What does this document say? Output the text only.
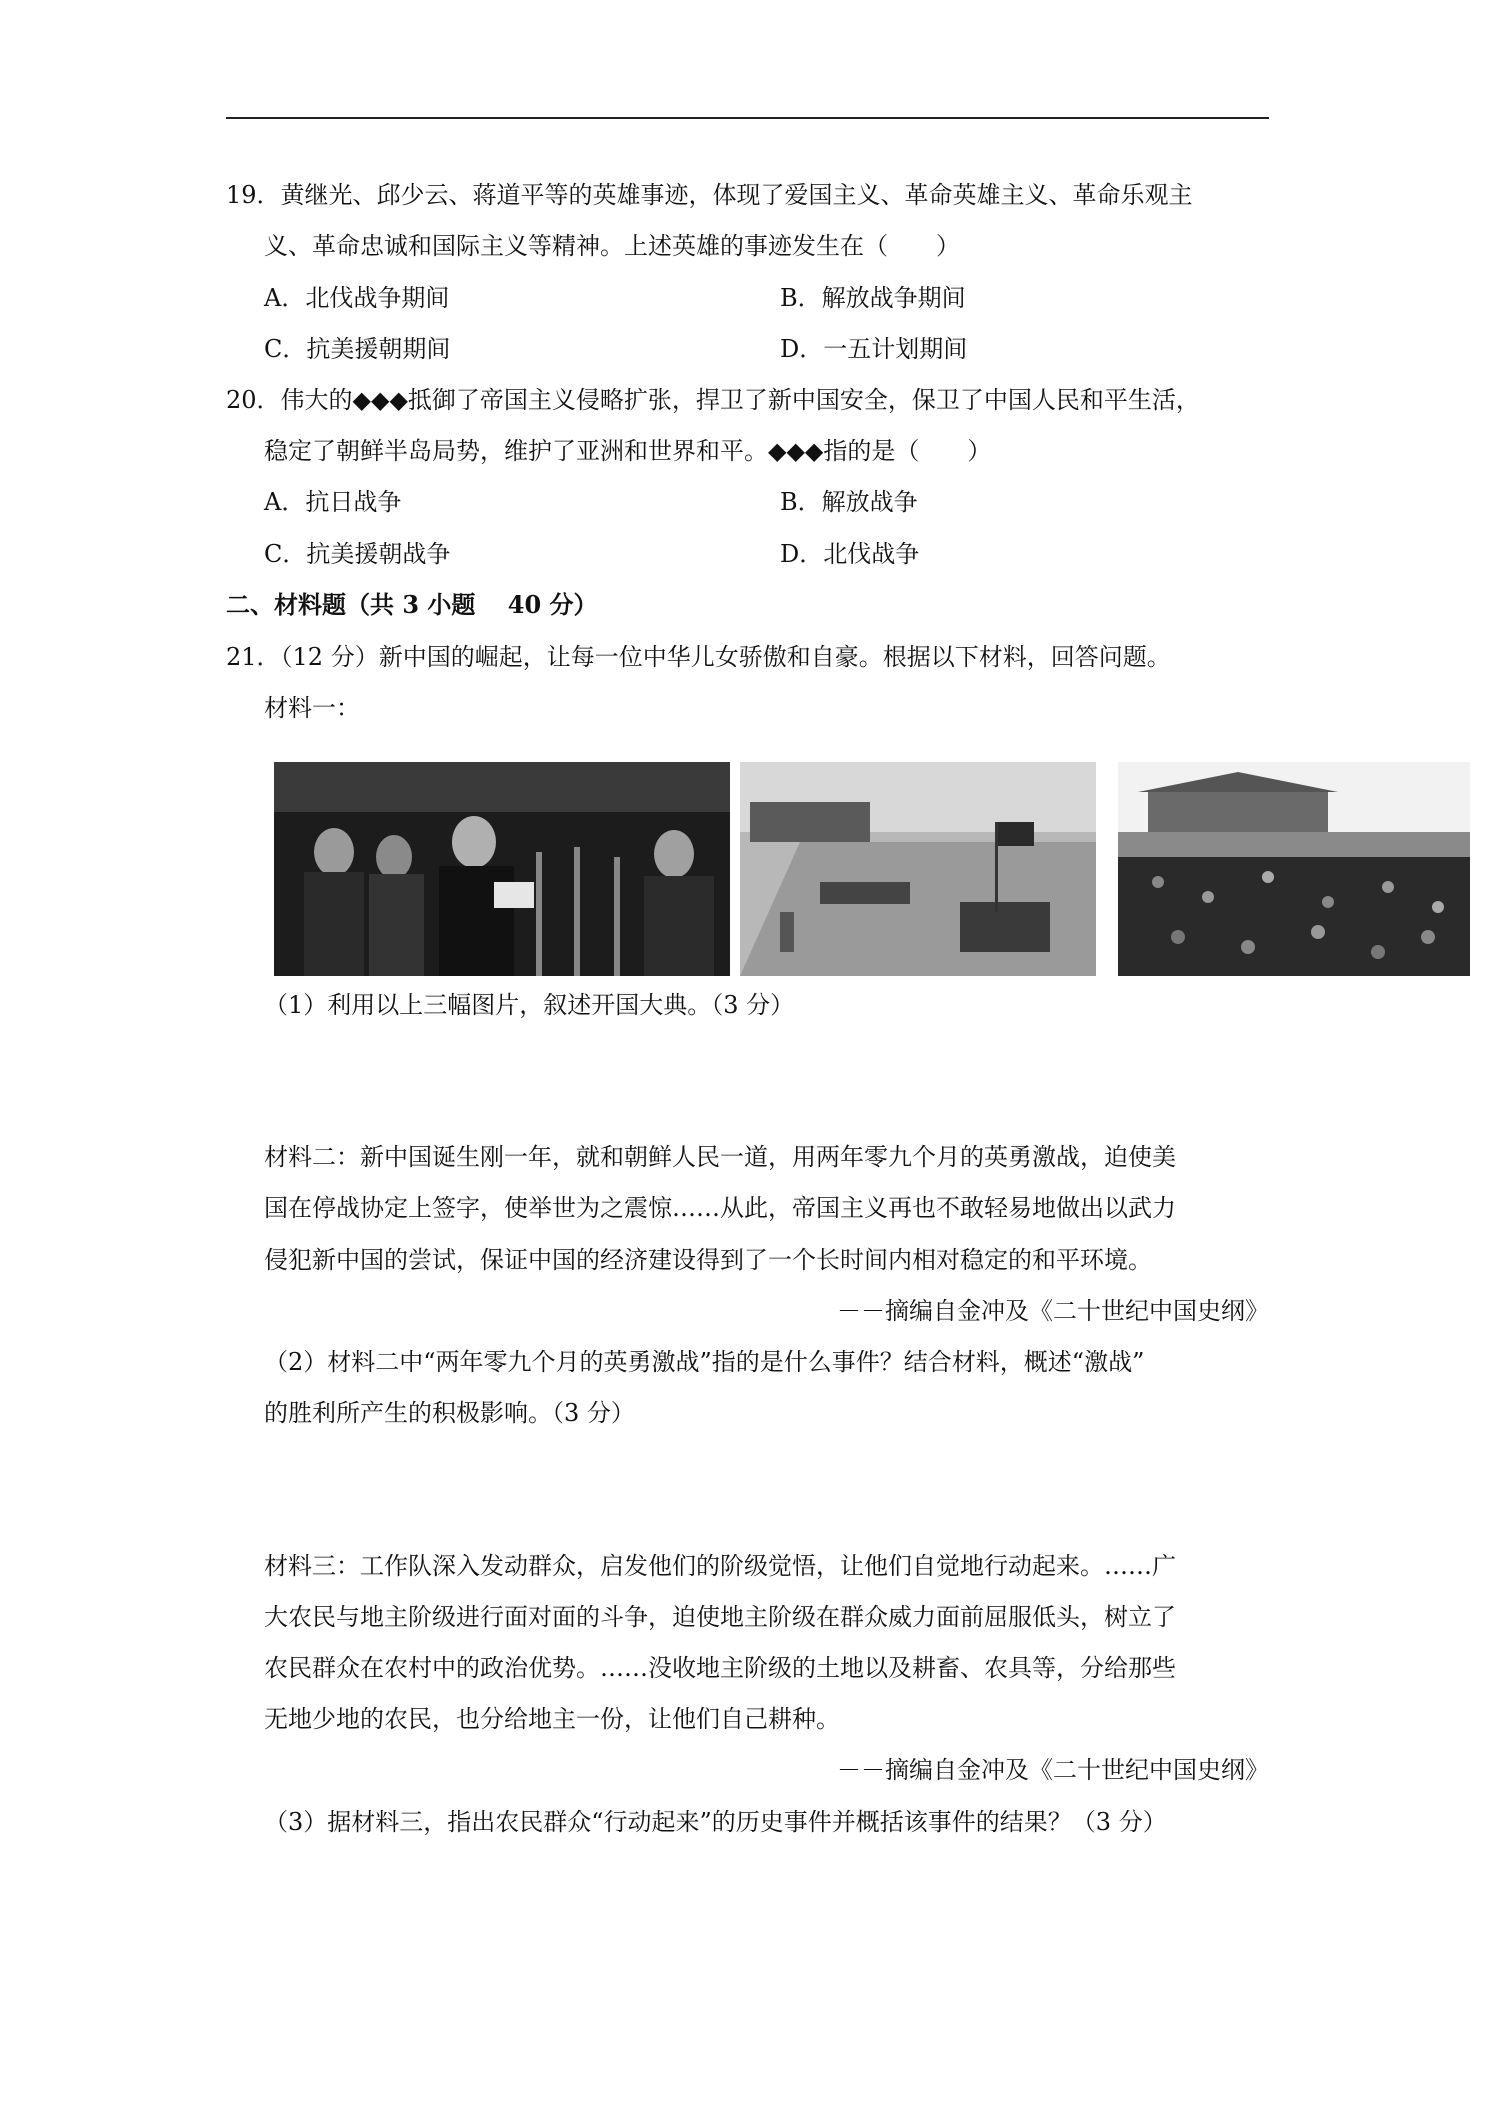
19．黄继光、邱少云、蒋道平等的英雄事迹，体现了爱国主义、革命英雄主义、革命乐观主
义、革命忠诚和国际主义等精神。上述英雄的事迹发生在（　　）
A．北伐战争期间	B．解放战争期间
C．抗美援朝期间	D．一五计划期间
20．伟大的◆◆◆抵御了帝国主义侵略扩张，捍卫了新中国安全，保卫了中国人民和平生活，
稳定了朝鲜半岛局势，维护了亚洲和世界和平。◆◆◆指的是（　　）
A．抗日战争	B．解放战争
C．抗美援朝战争	D．北伐战争
二、材料题（共 3 小题　 40 分）
21．（12 分）新中国的崛起，让每一位中华儿女骄傲和自豪。根据以下材料，回答问题。
材料一：
（1）利用以上三幅图片，叙述开国大典。（3 分）
材料二：新中国诞生刚一年，就和朝鲜人民一道，用两年零九个月的英勇激战，迫使美
国在停战协定上签字，使举世为之震惊……从此，帝国主义再也不敢轻易地做出以武力
侵犯新中国的尝试，保证中国的经济建设得到了一个长时间内相对稳定的和平环境。
－－摘编自金冲及《二十世纪中国史纲》
（2）材料二中“两年零九个月的英勇激战”指的是什么事件？结合材料，概述“激战”
的胜利所产生的积极影响。（3 分）
材料三：工作队深入发动群众，启发他们的阶级觉悟，让他们自觉地行动起来。……广
大农民与地主阶级进行面对面的斗争，迫使地主阶级在群众威力面前屈服低头，树立了
农民群众在农村中的政治优势。……没收地主阶级的土地以及耕畜、农具等，分给那些
无地少地的农民，也分给地主一份，让他们自己耕种。
－－摘编自金冲及《二十世纪中国史纲》
（3）据材料三，指出农民群众“行动起来”的历史事件并概括该事件的结果？（3 分）
